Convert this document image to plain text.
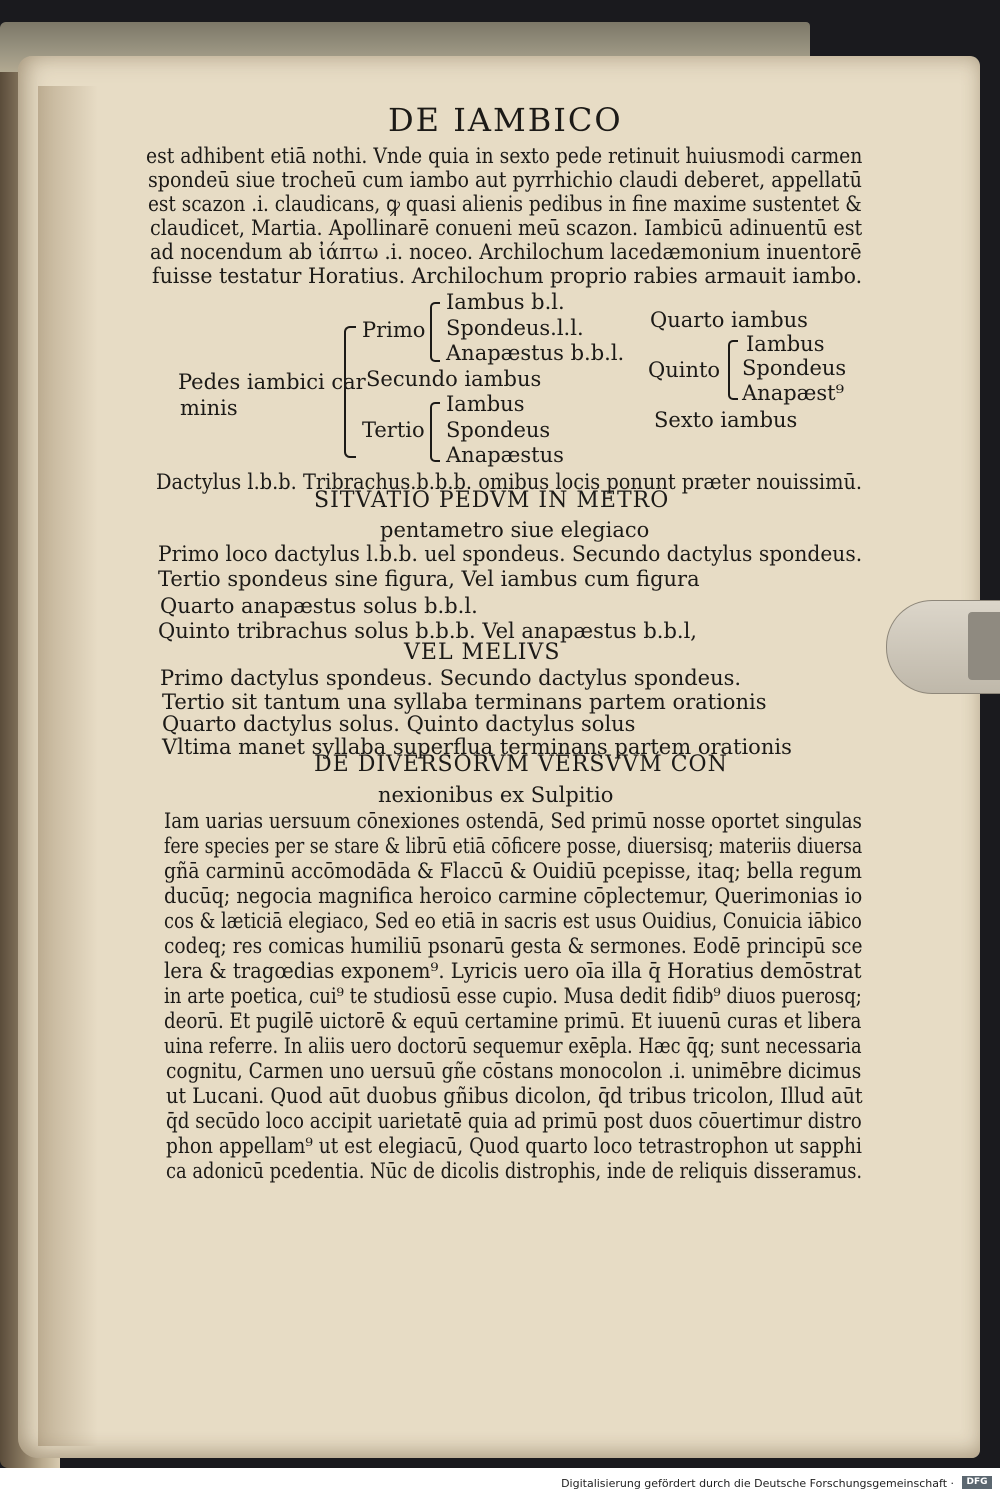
DE IAMBICO
est adhibent etiā nothi. Vnde quia in sexto pede retinuit huiusmodi carmen
spondeū siue trocheū cum iambo aut pyrrhichio claudi deberet, appellatū
est scazon .i. claudicans, ꝙ quasi alienis pedibus in fine maxime sustentet &
claudicet, Martia. Apollinarē conueni meū scazon. Iambicū adinuentū est
ad nocendum ab ἰάπτω .i. noceo. Archilochum lacedæmonium inuentorē
fuisse testatur Horatius. Archilochum proprio rabies armauit iambo.
Pedes iambici car
minis
Primo
Iambus b.l.
Spondeus.l.l.
Anapæstus b.b.l.
Secundo iambus
Tertio
Iambus
Spondeus
Anapæstus
Quarto iambus
Quinto
Iambus
Spondeus
Anapæst⁹
Sexto iambus
Dactylus l.b.b. Tribrachus.b.b.b. omibus locis ponunt præter nouissimū.
SITVATIO PEDVM IN METRO
pentametro siue elegiaco
Primo loco dactylus l.b.b. uel spondeus. Secundo dactylus spondeus.
Tertio spondeus sine figura, Vel iambus cum figura
Quarto anapæstus solus b.b.l.
Quinto tribrachus solus b.b.b. Vel anapæstus b.b.l,
VEL MELIVS
Primo dactylus spondeus. Secundo dactylus spondeus.
Tertio sit tantum una syllaba terminans partem orationis
Quarto dactylus solus. Quinto dactylus solus
Vltima manet syllaba superflua terminans partem orationis
DE DIVERSORVM VERSVVM CON
nexionibus ex Sulpitio
Iam uarias uersuum cōnexiones ostendā, Sed primū nosse oportet singulas
fere species per se stare & librū etiā cōficere posse, diuersisq; materiis diuersa
gñā carminū accōmodāda & Flaccū & Ouidiū pcepisse, itaq; bella regum
ducūq; negocia magnifica heroico carmine cōplectemur, Querimonias io
cos & læticiā elegiaco, Sed eo etiā in sacris est usus Ouidius, Conuicia iābico
codeq; res comicas humiliū psonarū gesta & sermones. Eodē principū sce
lera & tragœdias exponem⁹. Lyricis uero oīa illa q̄ Horatius demōstrat
in arte poetica, cui⁹ te studiosū esse cupio. Musa dedit fidib⁹ diuos puerosq;
deorū. Et pugilē uictorē & equū certamine primū. Et iuuenū curas et libera
uina referre. In aliis uero doctorū sequemur exēpla. Hæc q̄q; sunt necessaria
cognitu, Carmen uno uersuū gñe cōstans monocolon .i. unimēbre dicimus
ut Lucani. Quod aūt duobus gñibus dicolon, q̄d tribus tricolon, Illud aūt
q̄d secūdo loco accipit uarietatē quia ad primū post duos cōuertimur distro
phon appellam⁹ ut est elegiacū, Quod quarto loco tetrastrophon ut sapphi
ca adonicū pcedentia. Nūc de dicolis distrophis, inde de reliquis disseramus.
Digitalisierung gefördert durch die Deutsche Forschungsgemeinschaft ·	DFG
